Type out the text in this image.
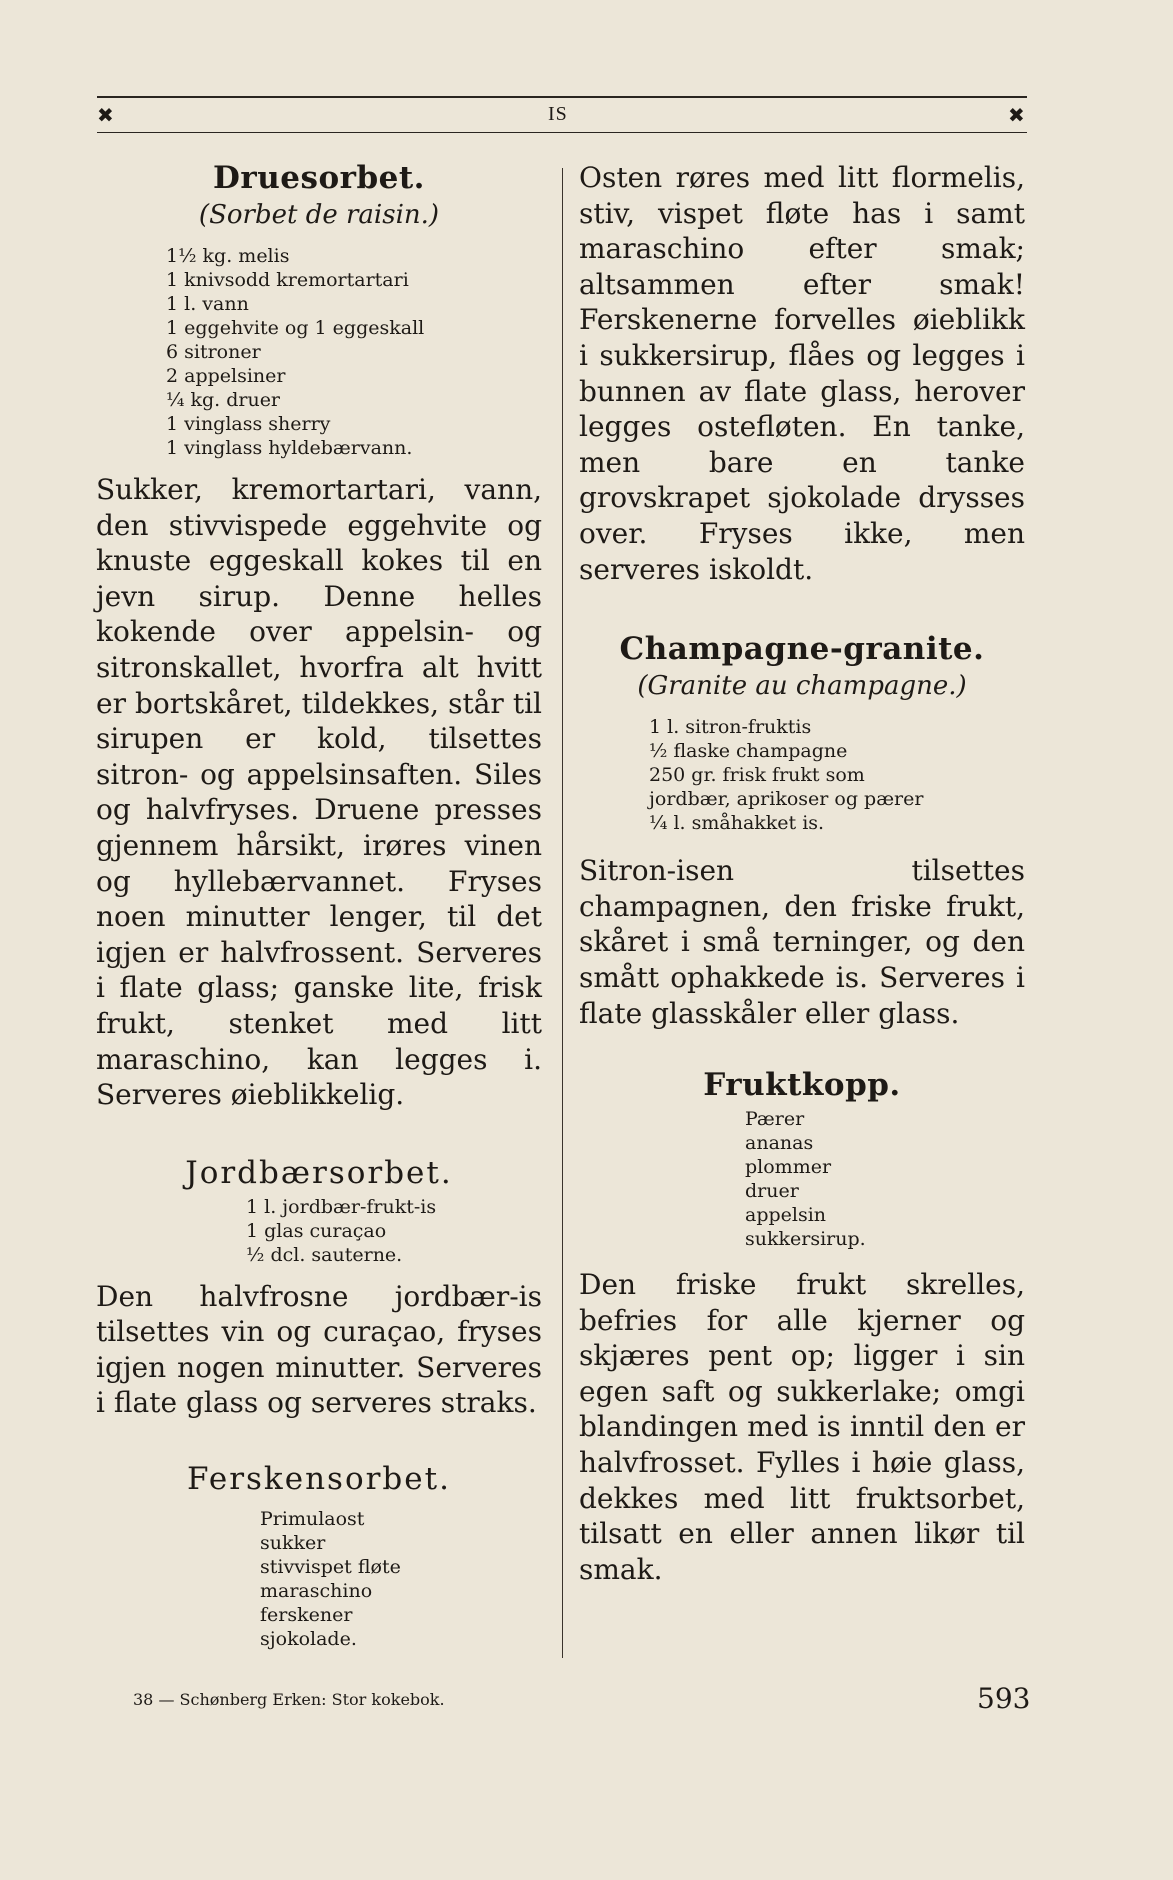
✖	IS	✖
Druesorbet.

(Sorbet de raisin.)

1½ kg. melis
1 knivsodd kremortartari
1 l. vann
1 eggehvite og 1 eggeskall
6 sitroner
2 appelsiner
¼ kg. druer
1 vinglass sherry
1 vinglass hyldebærvann.

Sukker, kremortartari, vann, den stivvispede eggehvite og knuste eggeskall kokes til en jevn sirup. Denne helles kokende over appelsin- og sitronskallet, hvorfra alt hvitt er bortskåret, tildekkes, står til sirupen er kold, tilsettes sitron- og appelsinsaften. Siles og halvfryses. Druene presses gjennem hårsikt, irøres vinen og hyllebærvannet. Fryses noen minutter lenger, til det igjen er halvfrossent. Serveres i flate glass; ganske lite, frisk frukt, stenket med litt maraschino, kan legges i. Serveres øieblikkelig.

Jordbærsorbet.
1 l. jordbær-frukt-is
1 glas curaçao
½ dcl. sauterne.

Den halvfrosne jordbær-is tilsettes vin og curaçao, fryses igjen nogen minutter. Serveres i flate glass og serveres straks.

Ferskensorbet.
Primulaost
sukker
stivvispet fløte
maraschino
ferskener
sjokolade.

Osten røres med litt flormelis, stiv, vispet fløte has i samt maraschino efter smak; altsammen efter smak! Ferskenerne forvelles øieblikk i sukkersirup, flåes og legges i bunnen av flate glass, herover legges ostefløten. En tanke, men bare en tanke grovskrapet sjokolade drysses over. Fryses ikke, men serveres iskoldt.

Champagne-granite.

(Granite au champagne.)

1 l. sitron-fruktis
½ flaske champagne
250 gr. frisk frukt som jordbær, aprikoser og pærer
¼ l. småhakket is.

Sitron-isen tilsettes champagnen, den friske frukt, skåret i små terninger, og den smått ophakkede is. Serveres i flate glasskåler eller glass.

Fruktkopp.
Pærer
ananas
plommer
druer
appelsin
sukkersirup.

Den friske frukt skrelles, befries for alle kjerner og skjæres pent op; ligger i sin egen saft og sukkerlake; omgi blandingen med is inntil den er halvfrosset. Fylles i høie glass, dekkes med litt fruktsorbet, tilsatt en eller annen likør til smak.

38 — Schønberg Erken: Stor kokebok.	593
